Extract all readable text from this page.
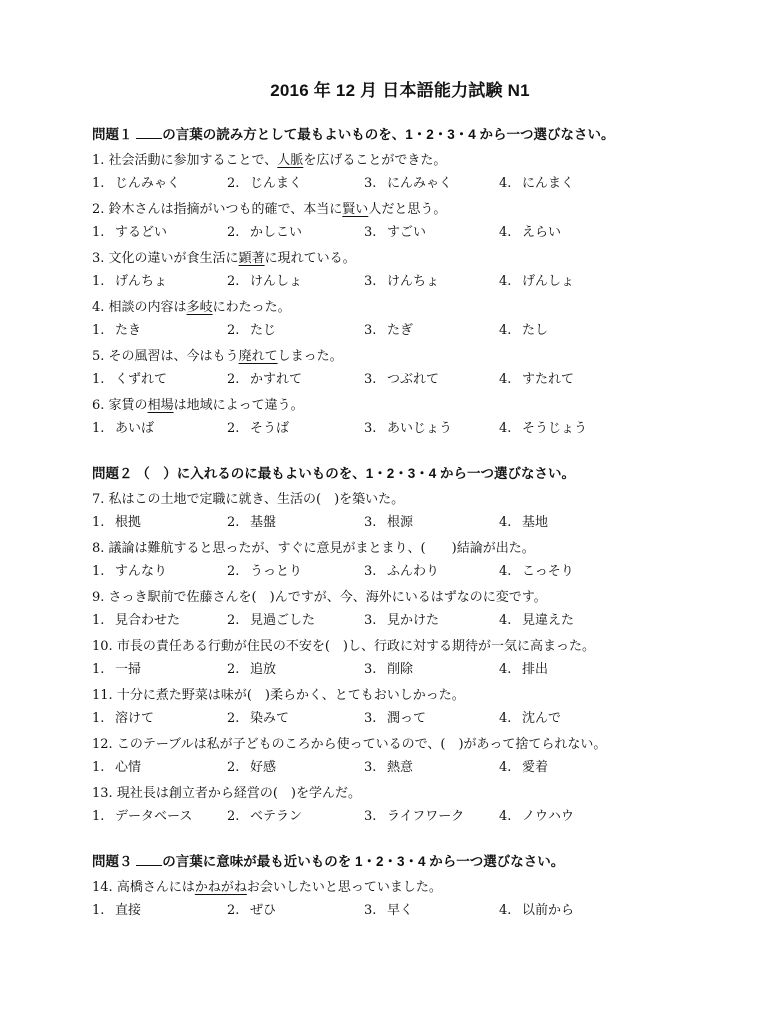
2016 年 12 月 日本語能力試験 N1
問題１ の言葉の読み方として最もよいものを、1・2・3・4 から一つ選びなさい。
1. 社会活動に参加することで、人脈を広げることができた。
1. じんみゃく	2. じんまく	3. にんみゃく	4. にんまく
2. 鈴木さんは指摘がいつも的確で、本当に賢い人だと思う。
1. するどい	2. かしこい	3. すごい	4. えらい
3. 文化の違いが食生活に顕著に現れている。
1. げんちょ	2. けんしょ	3. けんちょ	4. げんしょ
4. 相談の内容は多岐にわたった。
1. たき	2. たじ	3. たぎ	4. たし
5. その風習は、今はもう廃れてしまった。
1. くずれて	2. かすれて	3. つぶれて	4. すたれて
6. 家賃の相場は地域によって違う。
1. あいば	2. そうば	3. あいじょう	4. そうじょう
問題２ （　）に入れるのに最もよいものを、1・2・3・4 から一つ選びなさい。
7. 私はこの土地で定職に就き、生活の(　)を築いた。
1. 根拠	2. 基盤	3. 根源	4. 基地
8. 議論は難航すると思ったが、すぐに意見がまとまり、(　　)結論が出た。
1. すんなり	2. うっとり	3. ふんわり	4. こっそり
9. さっき駅前で佐藤さんを(　)んですが、今、海外にいるはずなのに変です。
1. 見合わせた	2. 見過ごした	3. 見かけた	4. 見違えた
10. 市長の責任ある行動が住民の不安を(　)し、行政に対する期待が一気に高まった。
1. 一掃	2. 追放	3. 削除	4. 排出
11. 十分に煮た野菜は味が(　)柔らかく、とてもおいしかった。
1. 溶けて	2. 染みて	3. 潤って	4. 沈んで
12. このテーブルは私が子どものころから使っているので、(　)があって捨てられない。
1. 心情	2. 好感	3. 熱意	4. 愛着
13. 現社長は創立者から経営の(　)を学んだ。
1. データベース	2. ベテラン	3. ライフワーク	4. ノウハウ
問題３ の言葉に意味が最も近いものを 1・2・3・4 から一つ選びなさい。
14. 高橋さんにはかねがねお会いしたいと思っていました。
1. 直接	2. ぜひ	3. 早く	4. 以前から
